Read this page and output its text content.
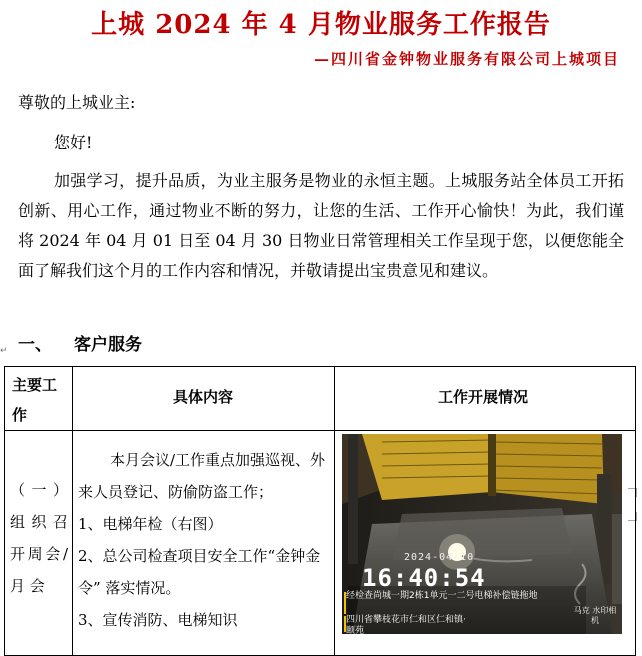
上城 2024 年 4 月物业服务工作报告
—四川省金钟物业服务有限公司上城项目

尊敬的上城业主:

您好!

加强学习，提升品质，为业主服务是物业的永恒主题。上城服务站全体员工开拓创新、用心工作，通过物业不断的努力，让您的生活、工作开心愉快！为此，我们谨将 2024 年 04 月 01 日至 04 月 30 日物业日常管理相关工作呈现于您，以便您能全面了解我们这个月的工作内容和情况，并敬请提出宝贵意见和建议。

一、 客户服务
↵
主要工作
具体内容	工作开展情况
（一）组织召开周会/月 会

本月会议/工作重点加强巡视、外来人员登记、防偷防盗工作；

1、电梯年检（右图）

2、总公司检查项目安全工作“金钟金令” 落实情况。

3、宣传消防、电梯知识

2024-04-10
16:40:54
经检查尚城一期2栋1单元一二号电梯补偿链拖地
四川省攀枝花市仁和区仁和镇·颐苑
马克 水印相机
